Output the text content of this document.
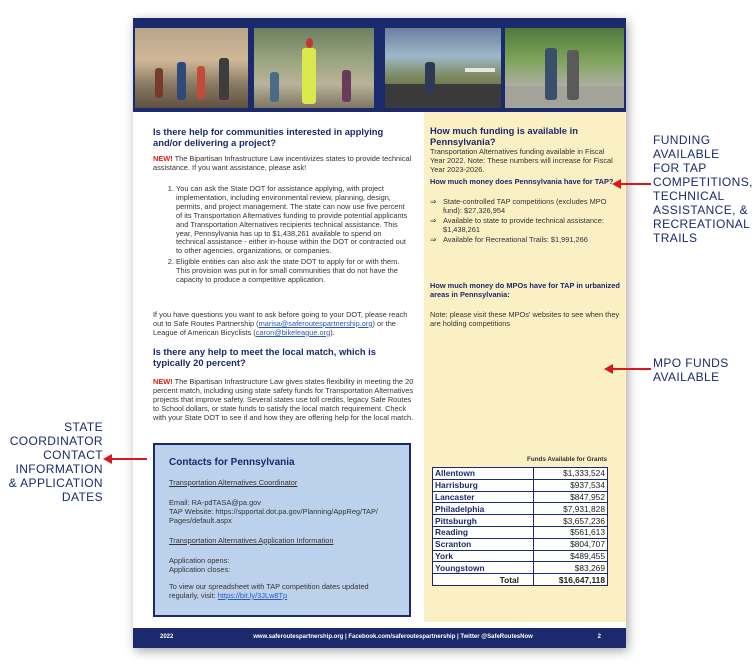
How much funding is available in Pennsylvania?
Transportation Alternatives funding available in Fiscal Year 2022. Note: These numbers will increase for Fiscal Year 2023-2026.
How much money does Pennsylvania have for TAP?
⇒ State-controlled TAP competitions (excludes MPO fund): $27,326,954
⇒ Available to state to provide technical assistance: $1,438,261
⇒ Available for Recreational Trails: $1,991,266
How much money do MPOs have for TAP in urbanized areas in Pennsylvania:
Note: please visit these MPOs' websites to see when they are holding competitions
Funds Available for Grants
Allentown	$1,333,524
Harrisburg	$937,534
Lancaster	$847,952
Philadelphia	$7,931,828
Pittsburgh	$3,657,236
Reading	$561,613
Scranton	$804,707
York	$489,455
Youngstown	$83,269
Total	$16,647,118
Is there help for communities interested in applying and/or delivering a project?
NEW! The Bipartisan Infrastructure Law incentivizes states to provide technical assistance. If you want assistance, please ask!
1. You can ask the State DOT for assistance applying, with project implementation, including environmental review, planning, design, permits, and project management. The state can now use five percent of its Transportation Alternatives funding to provide potential applicants and Transportation Alternatives recipients technical assistance. This year, Pennsylvania has up to $1,438,261 available to spend on technical assistance - either in-house within the DOT or contracted out to other agencies, organizations, or companies.
2. Eligible entities can also ask the state DOT to apply for or with them. This provision was put in for small communities that do not have the capacity to produce a competitive application.
If you have questions you want to ask before going to your DOT, please reach out to Safe Routes Partnership (marisa@saferoutespartnership.org) or the League of American Bicyclists (caron@bikeleague.org).
Is there any help to meet the local match, which is typically 20 percent?
NEW! The Bipartisan Infrastructure Law gives states flexibility in meeting the 20 percent match, including using state safety funds for Transportation Alternatives projects that improve safety. Several states use toll credits, legacy Safe Routes to School dollars, or state funds to satisfy the local match requirement. Check with your State DOT to see if and how they are offering help for the local match.
Contacts for Pennsylvania
Transportation Alternatives Coordinator
Email: RA-pdTASA@pa.gov
TAP Website: https://spportal.dot.pa.gov/Planning/AppReg/TAP/
Pages/default.aspx
Transportation Alternatives Application Information
Application opens:
Application closes:
To view our spreadsheet with TAP competition dates updated
regularly, visit: https://bit.ly/3JLw8Tp
2022	www.saferoutespartnership.org | Facebook.com/saferoutespartnership | Twitter @SafeRoutesNow	2
FUNDING
AVAILABLE
FOR TAP
COMPETITIONS,
TECHNICAL
ASSISTANCE, &
RECREATIONAL
TRAILS
MPO FUNDS
AVAILABLE
STATE
COORDINATOR
CONTACT
INFORMATION
& APPLICATION
DATES
